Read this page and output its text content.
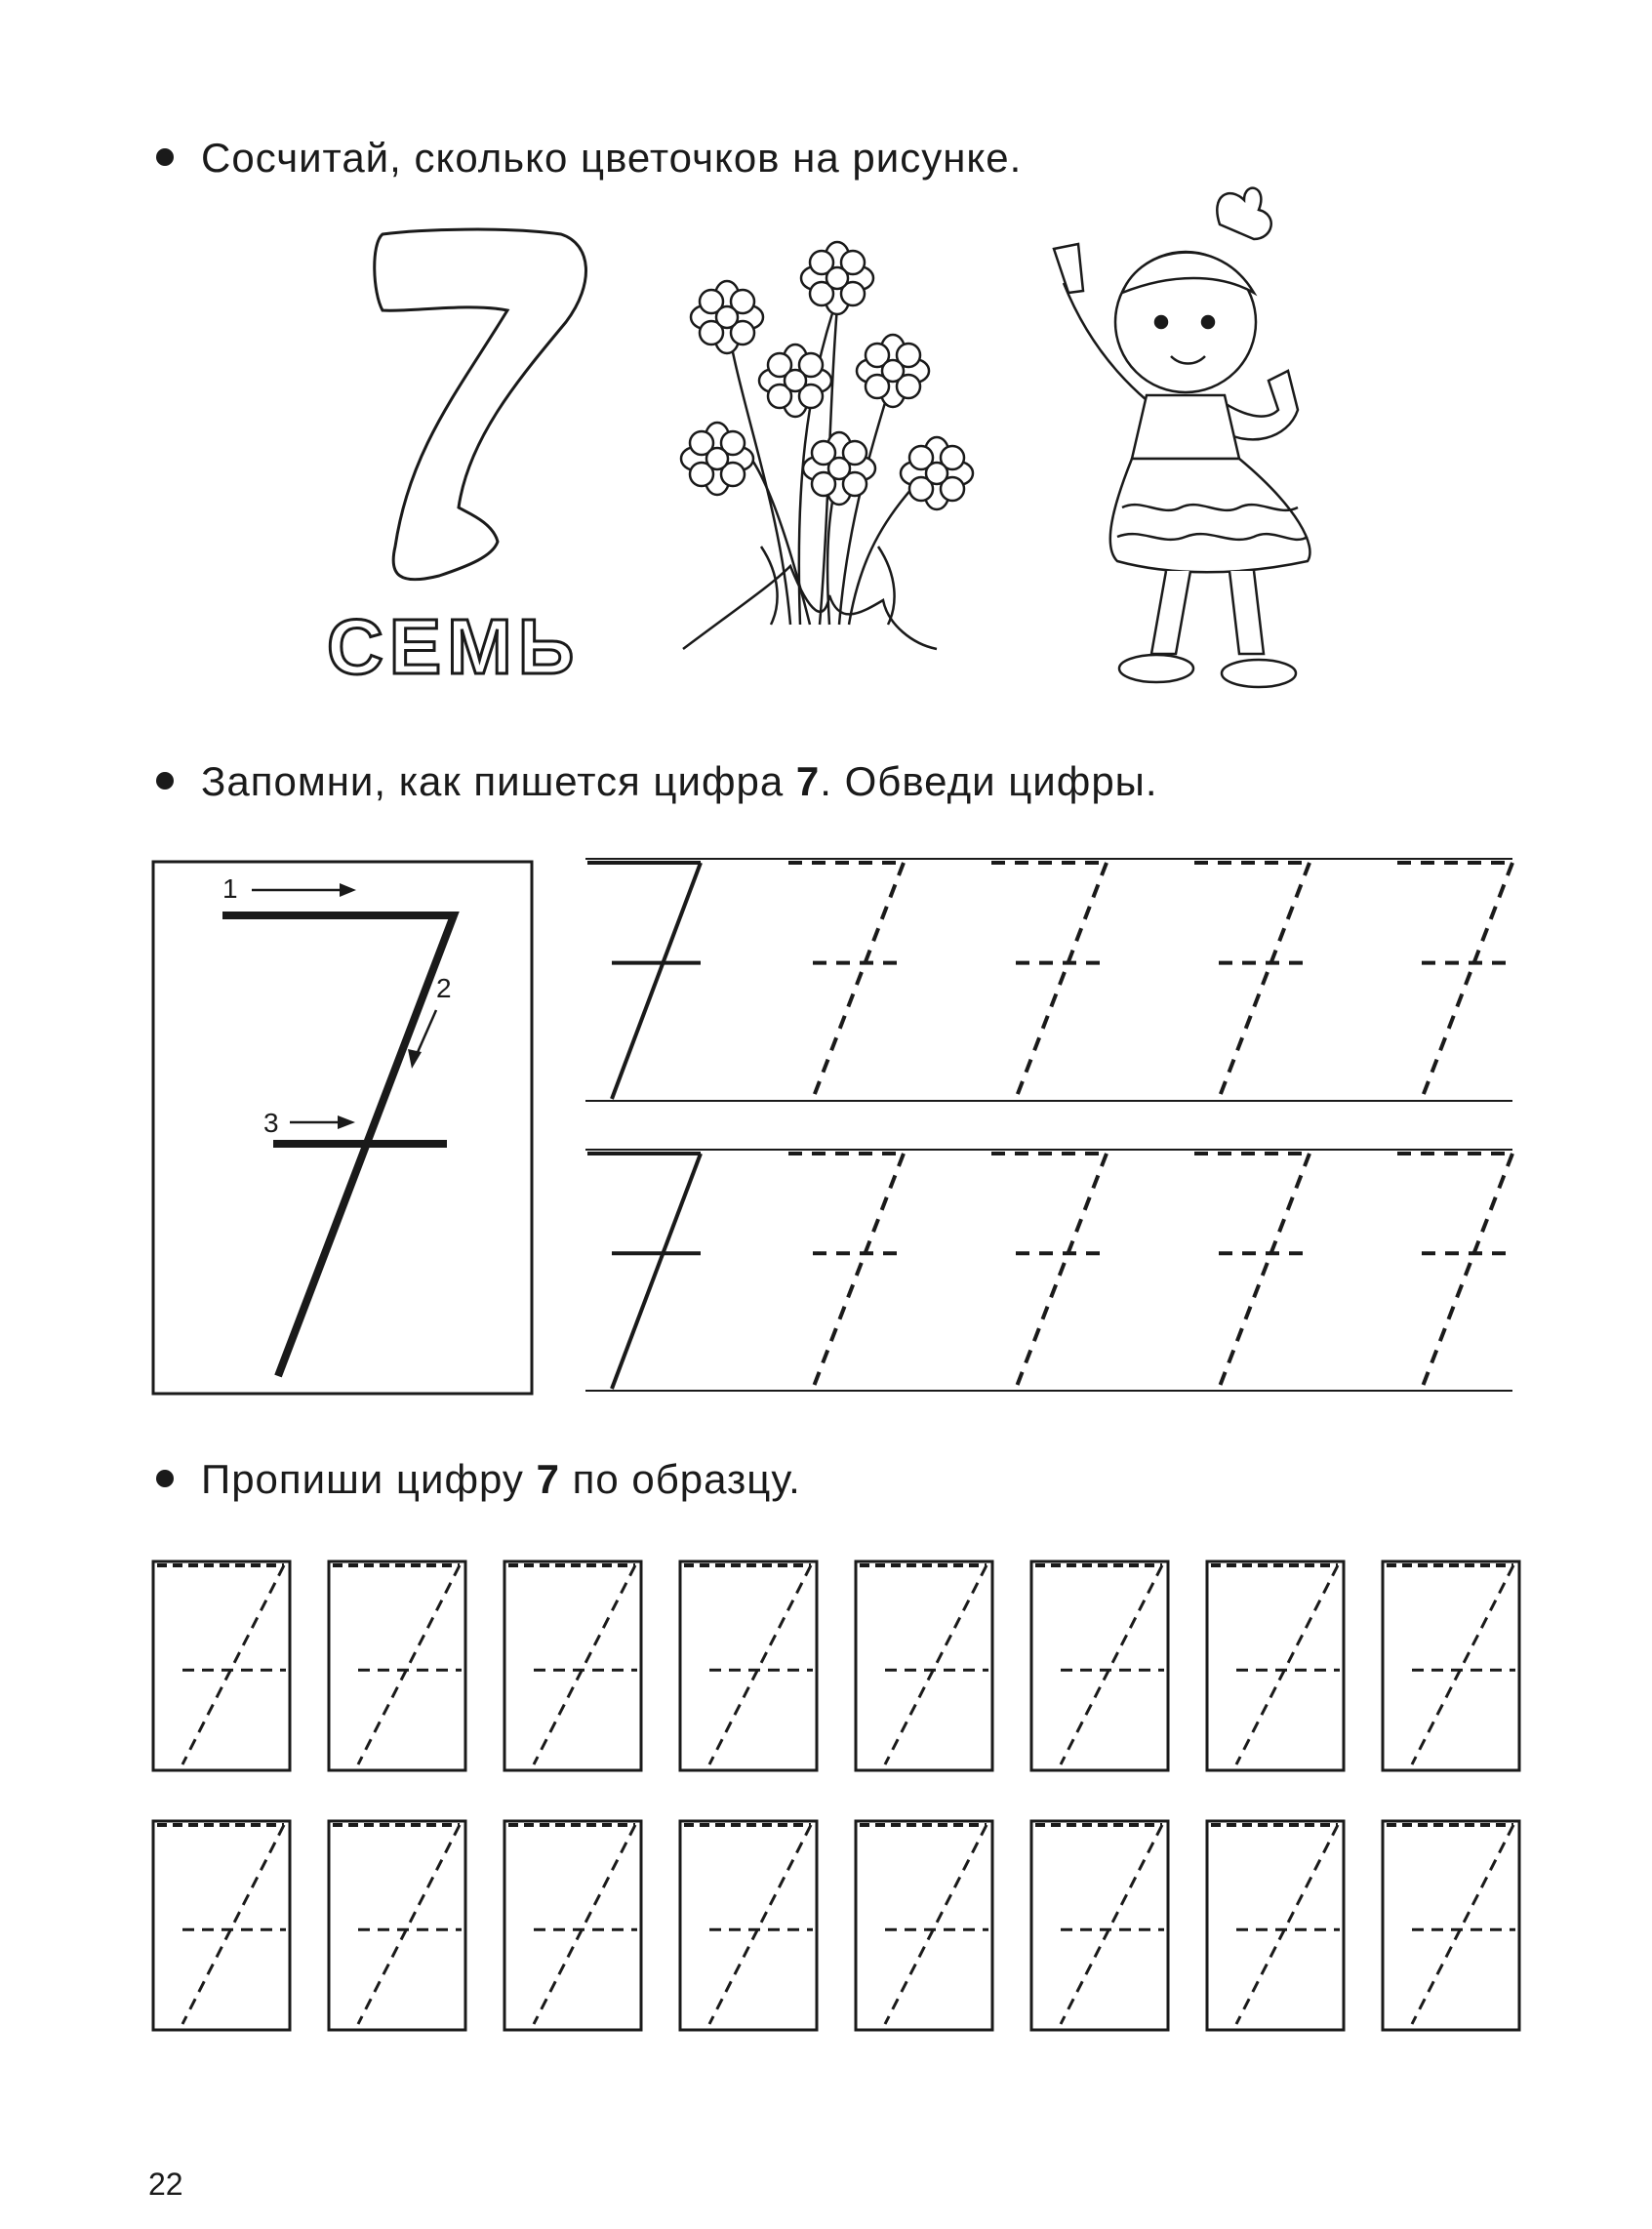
Сосчитай, сколько цветочков на рисунке.
Запомни, как пишется цифра 7. Обведи цифры.
Пропиши цифру 7 по образцу.
СЕМЬ
1
2
3
22
